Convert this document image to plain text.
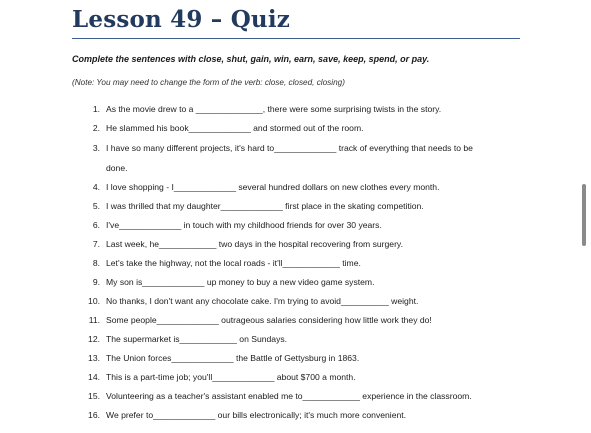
Lesson 49 – Quiz
Complete the sentences with close, shut, gain, win, earn, save, keep, spend, or pay.
(Note: You may need to change the form of the verb: close, closed, closing)
1. As the movie drew to a ______________, there were some surprising twists in the story.
2. He slammed his book_____________ and stormed out of the room.
3. I have so many different projects, it's hard to_____________ track of everything that needs to be
done.
4. I love shopping - I_____________ several hundred dollars on new clothes every month.
5. I was thrilled that my daughter_____________ first place in the skating competition.
6. I've_____________ in touch with my childhood friends for over 30 years.
7. Last week, he____________ two days in the hospital recovering from surgery.
8. Let's take the highway, not the local roads - it'll____________ time.
9. My son is_____________ up money to buy a new video game system.
10. No thanks, I don't want any chocolate cake. I'm trying to avoid__________ weight.
11. Some people_____________ outrageous salaries considering how little work they do!
12. The supermarket is____________ on Sundays.
13. The Union forces_____________ the Battle of Gettysburg in 1863.
14. This is a part-time job; you'll_____________ about $700 a month.
15. Volunteering as a teacher's assistant enabled me to____________ experience in the classroom.
16. We prefer to_____________ our bills electronically; it's much more convenient.
